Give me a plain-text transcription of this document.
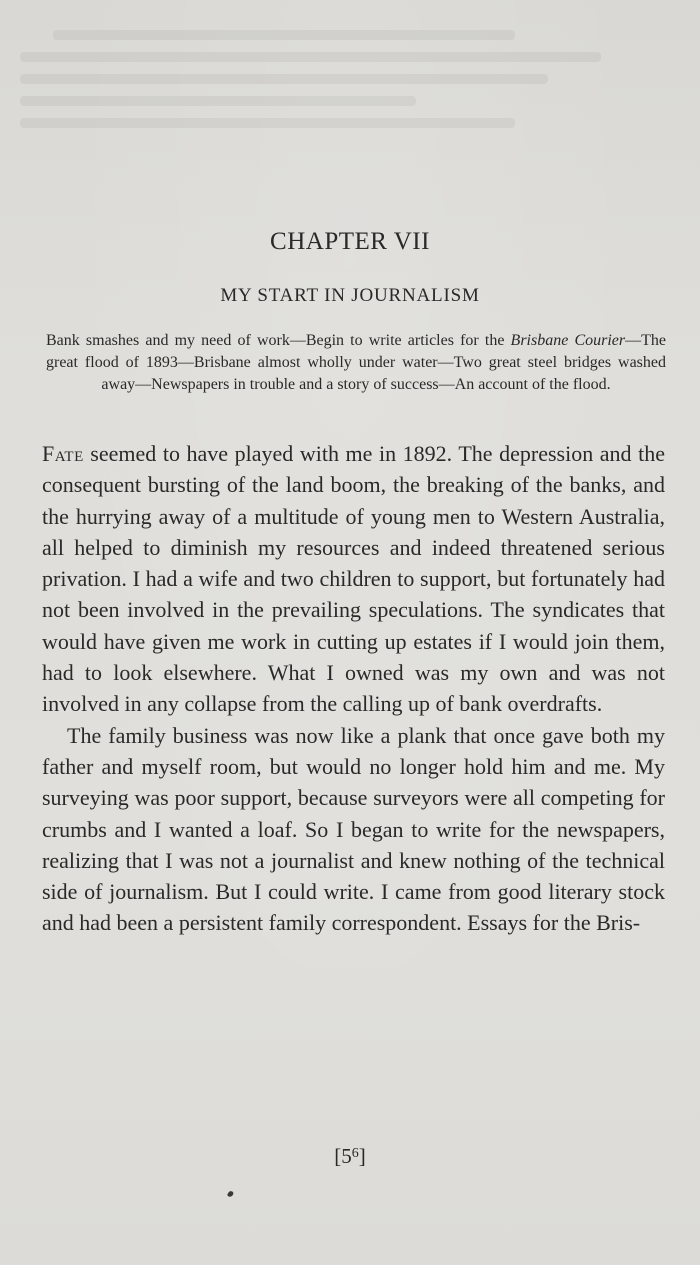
CHAPTER VII
MY START IN JOURNALISM

Bank smashes and my need of work—Begin to write articles for the Brisbane Courier—The great flood of 1893—Brisbane almost wholly under water—Two great steel bridges washed away—Newspapers in trouble and a story of success—An account of the flood.

Fate seemed to have played with me in 1892. The depression and the consequent bursting of the land boom, the breaking of the banks, and the hurrying away of a multitude of young men to Western Australia, all helped to diminish my resources and indeed threatened serious privation. I had a wife and two children to support, but fortunately had not been involved in the prevailing speculations. The syndicates that would have given me work in cutting up estates if I would join them, had to look elsewhere. What I owned was my own and was not involved in any collapse from the calling up of bank overdrafts.

The family business was now like a plank that once gave both my father and myself room, but would no longer hold him and me. My surveying was poor support, because surveyors were all competing for crumbs and I wanted a loaf. So I began to write for the newspapers, realizing that I was not a journalist and knew nothing of the technical side of journalism. But I could write. I came from good literary stock and had been a persistent family correspondent. Essays for the Bris-

$[5^6]$
